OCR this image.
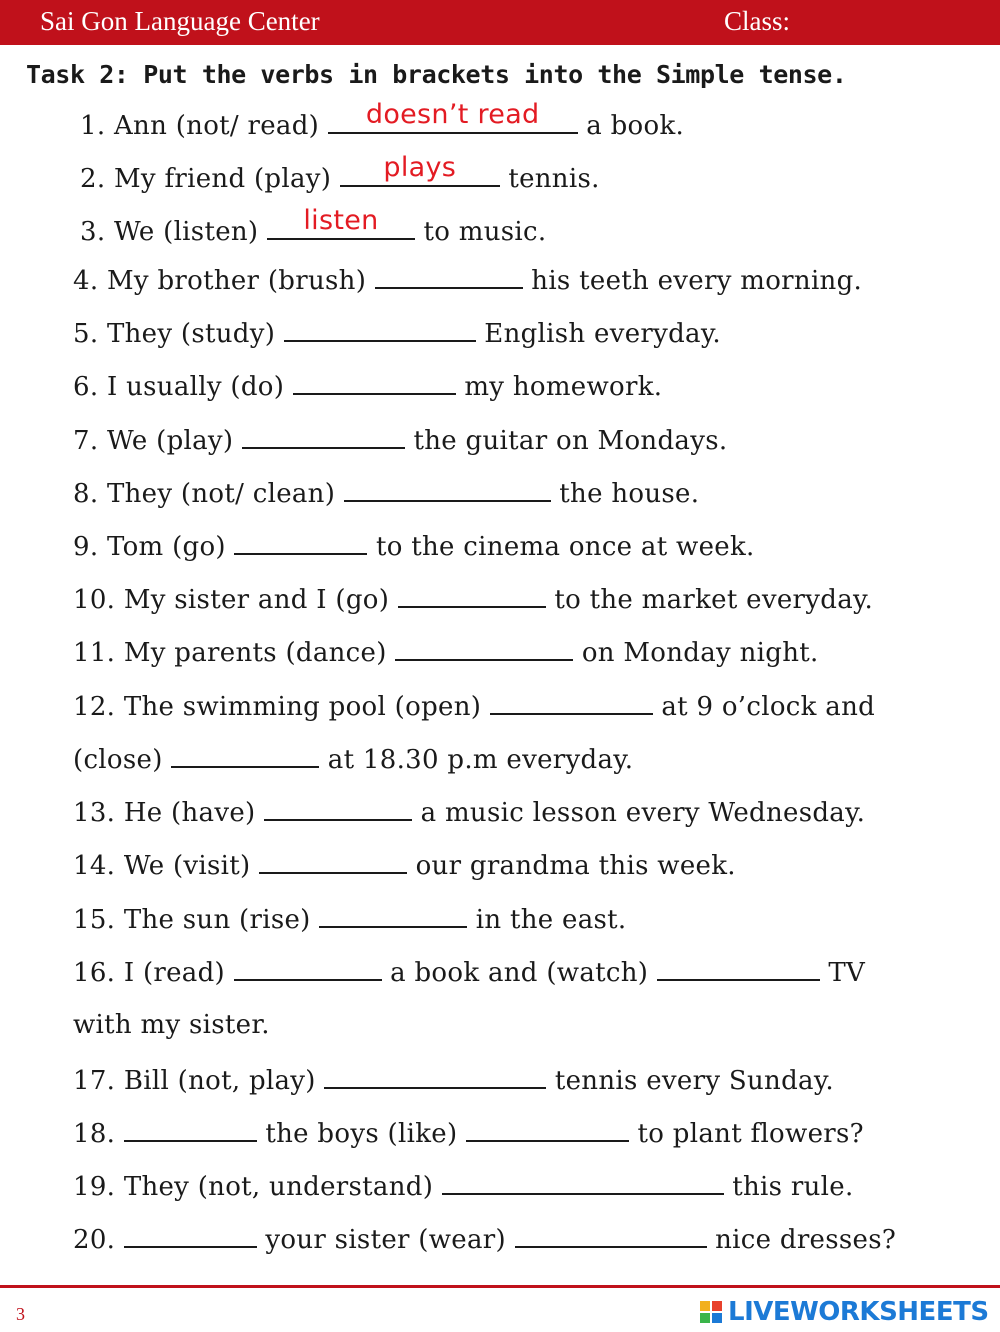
Sai Gon Language Center	Class:
Task 2: Put the verbs in brackets into the Simple tense.
1. Ann (not/ read)	doesn’t read	a book.
2. My friend (play)	plays	tennis.
3. We (listen)	listen	to music.
4. My brother (brush)	his teeth every morning.
5. They (study)	English everyday.
6. I usually (do)	my homework.
7. We (play)	the guitar on Mondays.
8. They (not/ clean)	the house.
9. Tom (go)	to the cinema once at week.
10. My sister and I (go)	to the market everyday.
11. My parents (dance)	on Monday night.
12. The swimming pool (open)	at 9 o’clock and
(close)	at 18.30 p.m everyday.
13. He (have)	a music lesson every Wednesday.
14. We (visit)	our grandma this week.
15. The sun (rise)	in the east.
16. I (read)	a book and (watch)	TV
with my sister.
17. Bill (not, play)	tennis every Sunday.
18.	the boys (like)	to plant flowers?
19. They (not, understand)	this rule.
20.	your sister (wear)	nice dresses?
3	LIVEWORKSHEETS
